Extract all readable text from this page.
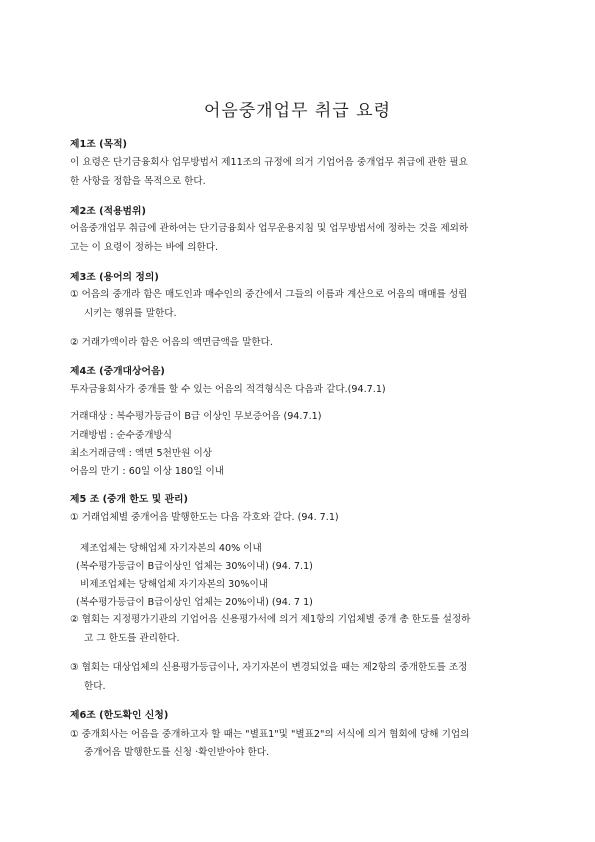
어음중개업무 취급 요령
제1조 (목적)
이 요령은 단기금융회사 업무방법서 제11조의 규정에 의거 기업어음 중개업무 취급에 관한 필요
한 사항을 정함을 목적으로 한다.
제2조 (적용범위)
어음중개업무 취급에 관하여는 단기금융회사 업무운용지침 및 업무방법서에 정하는 것을 제외하
고는 이 요령이 정하는 바에 의한다.
제3조 (용어의 정의)
① 어음의 중개라 함은 매도인과 매수인의 중간에서 그들의 이름과 계산으로 어음의 매매를 성립
시키는 행위를 말한다.
② 거래가액이라 함은 어음의 액면금액을 말한다.
제4조 (중개대상어음)
투자금융회사가 중개를 할 수 있는 어음의 적격형식은 다음과 같다.(94.7.1)
거래대상 : 복수평가등급이 B급 이상인 무보증어음 (94.7.1)
거래방법 : 순수중개방식
최소거래금액 : 액면 5천만원 이상
어음의 만기 : 60일 이상 180일 이내
제5 조 (중개 한도 및 관리)
① 거래업체별 중개어음 발행한도는 다음 각호와 같다. (94. 7.1)
제조업체는 당해업체 자기자본의 40% 이내
(복수평가등급이 B급이상인 업체는 30%이내) (94. 7.1)
비제조업체는 당해업체 자기자본의 30%이내
(복수평가등급이 B급이상인 업체는 20%이내) (94. 7 1)
② 협회는 지정평가기관의 기업어음 신용평가서에 의거 제1항의 기업체별 중개 총 한도를 설정하
고 그 한도를 관리한다.
③ 협회는 대상업체의 신용평가등급이나, 자기자본이 변경되었을 때는 제2항의 중개한도를 조정
한다.
제6조 (한도확인 신청)
① 중개회사는 어음을 중개하고자 할 때는 "별표1"및 "별표2"의 서식에 의거 협회에 당해 기업의
중개어음 발행한도를 신청 ·확인받아야 한다.
